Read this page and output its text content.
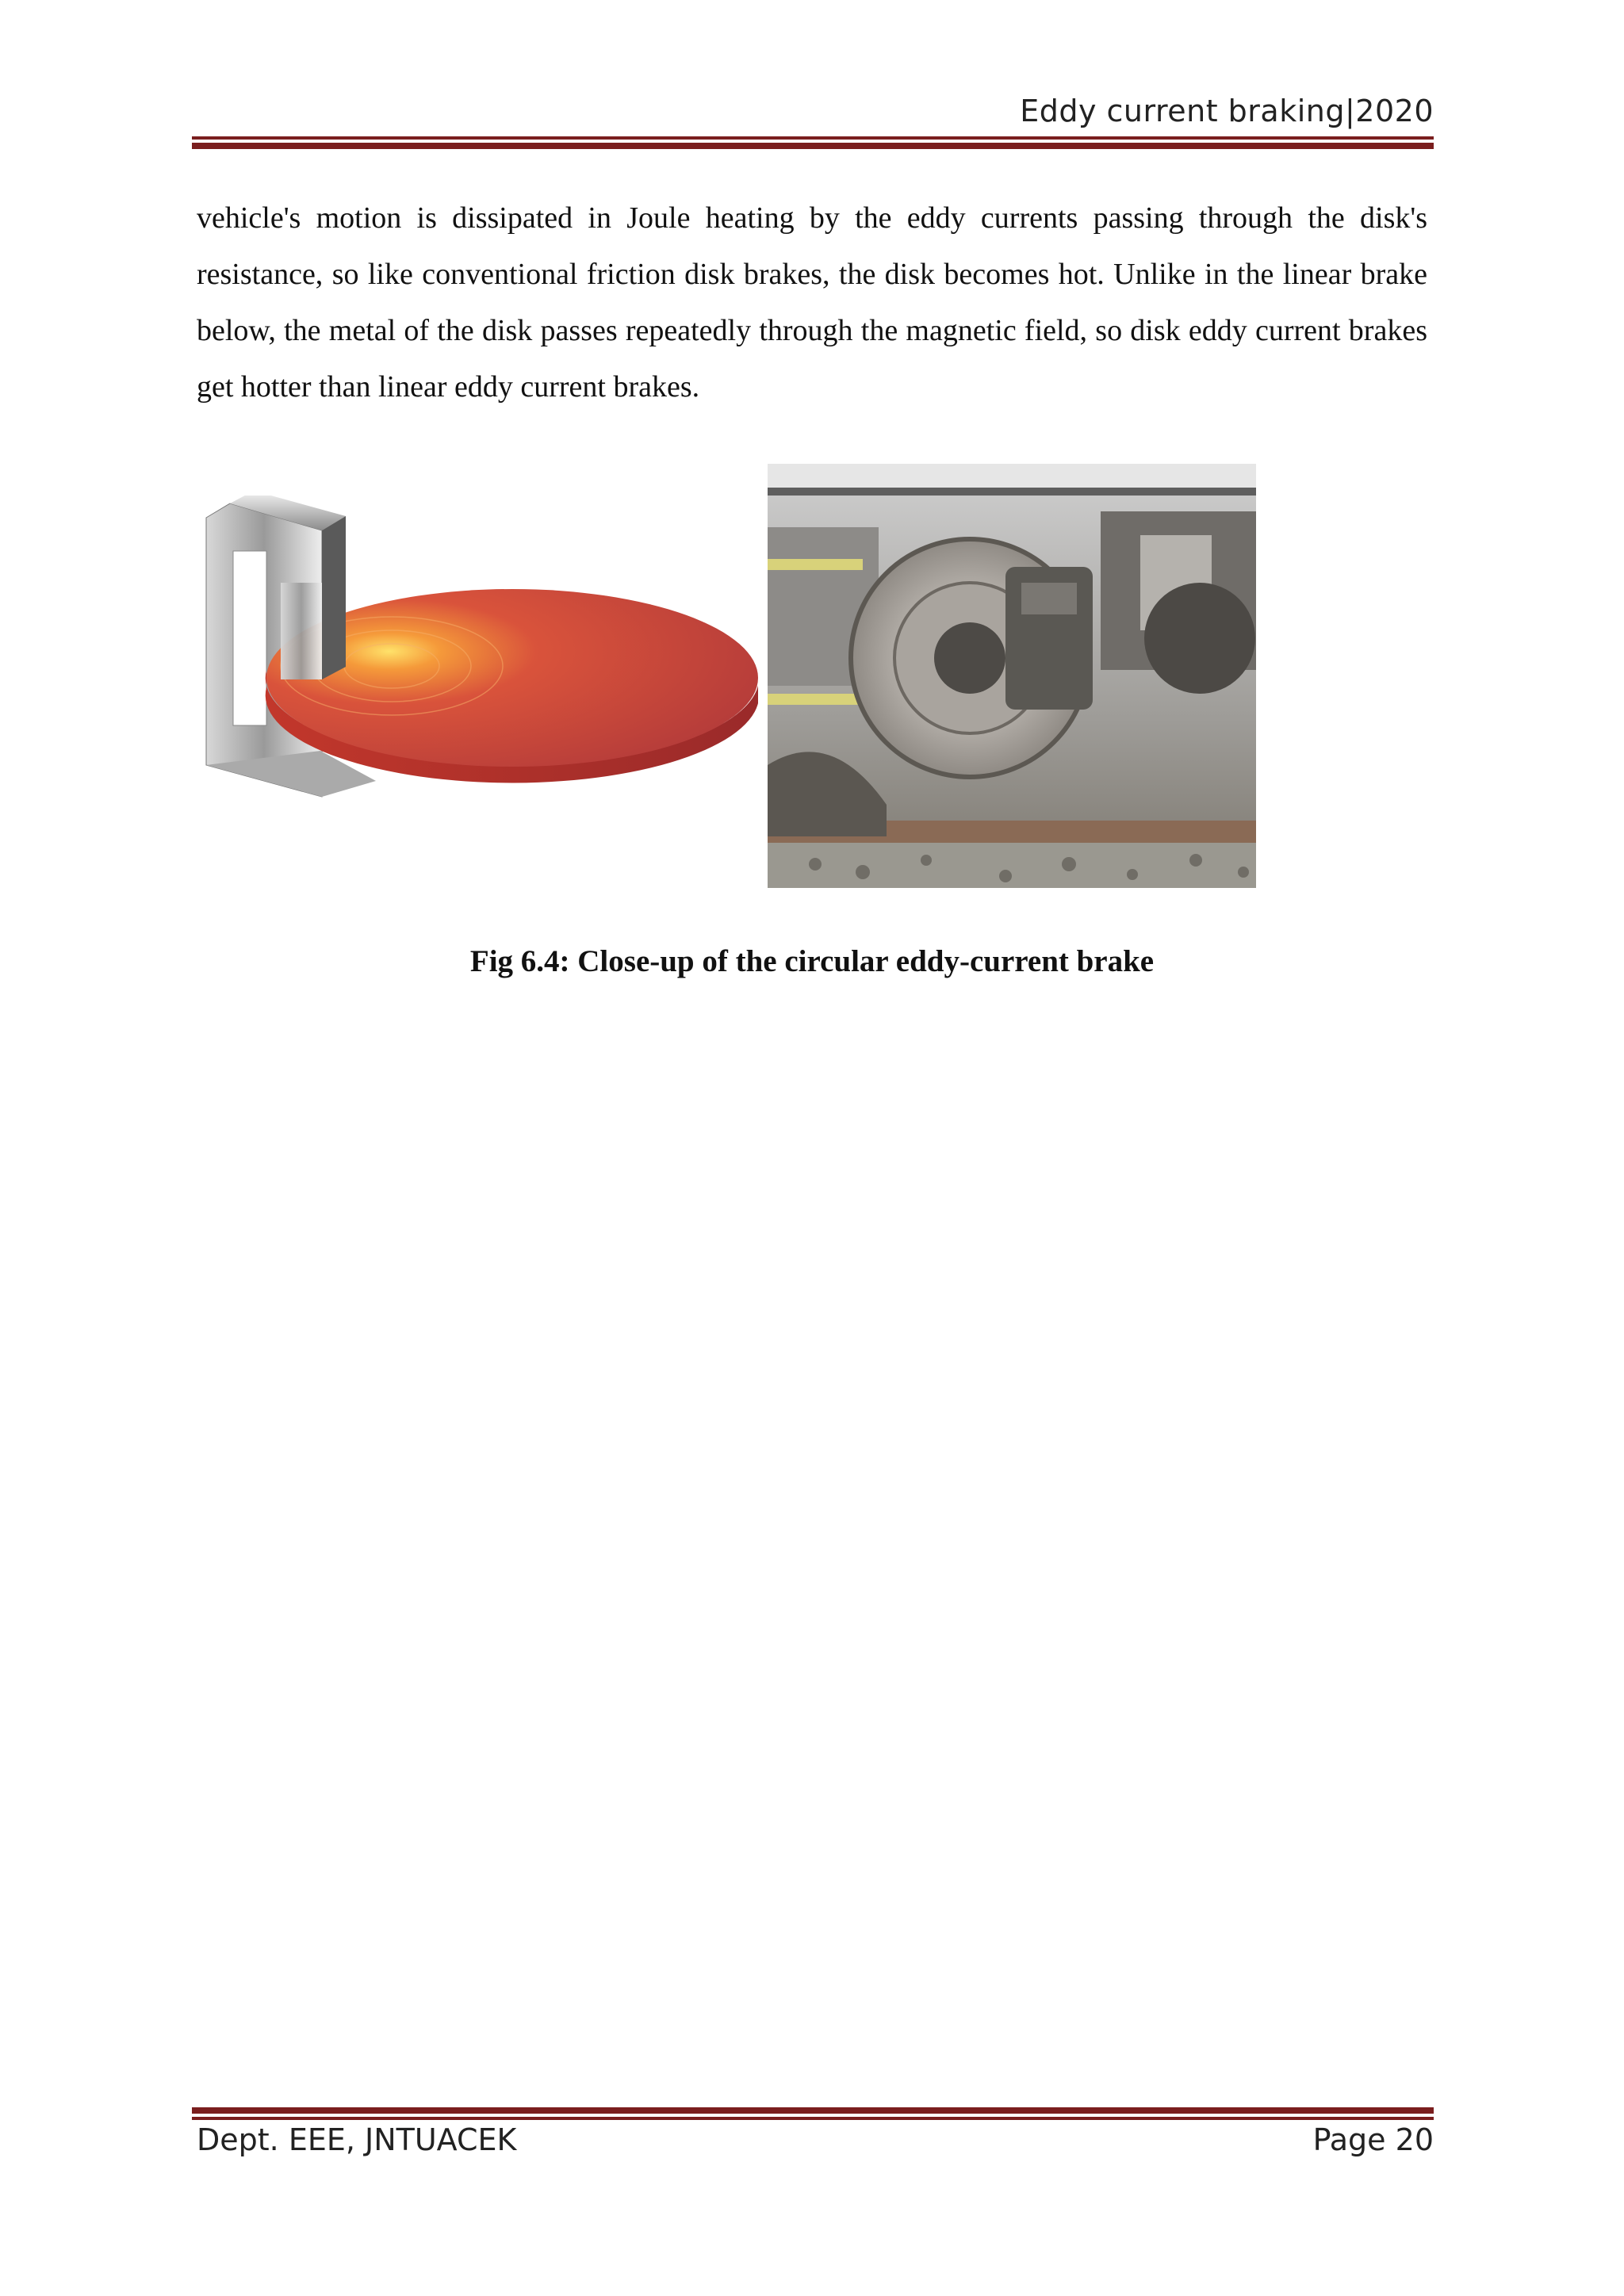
Eddy current braking|2020
vehicle's motion is dissipated in Joule heating by the eddy currents passing through the disk's resistance, so like conventional friction disk brakes, the disk becomes hot. Unlike in the linear brake below, the metal of the disk passes repeatedly through the magnetic field, so disk eddy current brakes get hotter than linear eddy current brakes.
Fig 6.4: Close-up of the circular eddy-current brake
Dept. EEE, JNTUACEK	Page 20
